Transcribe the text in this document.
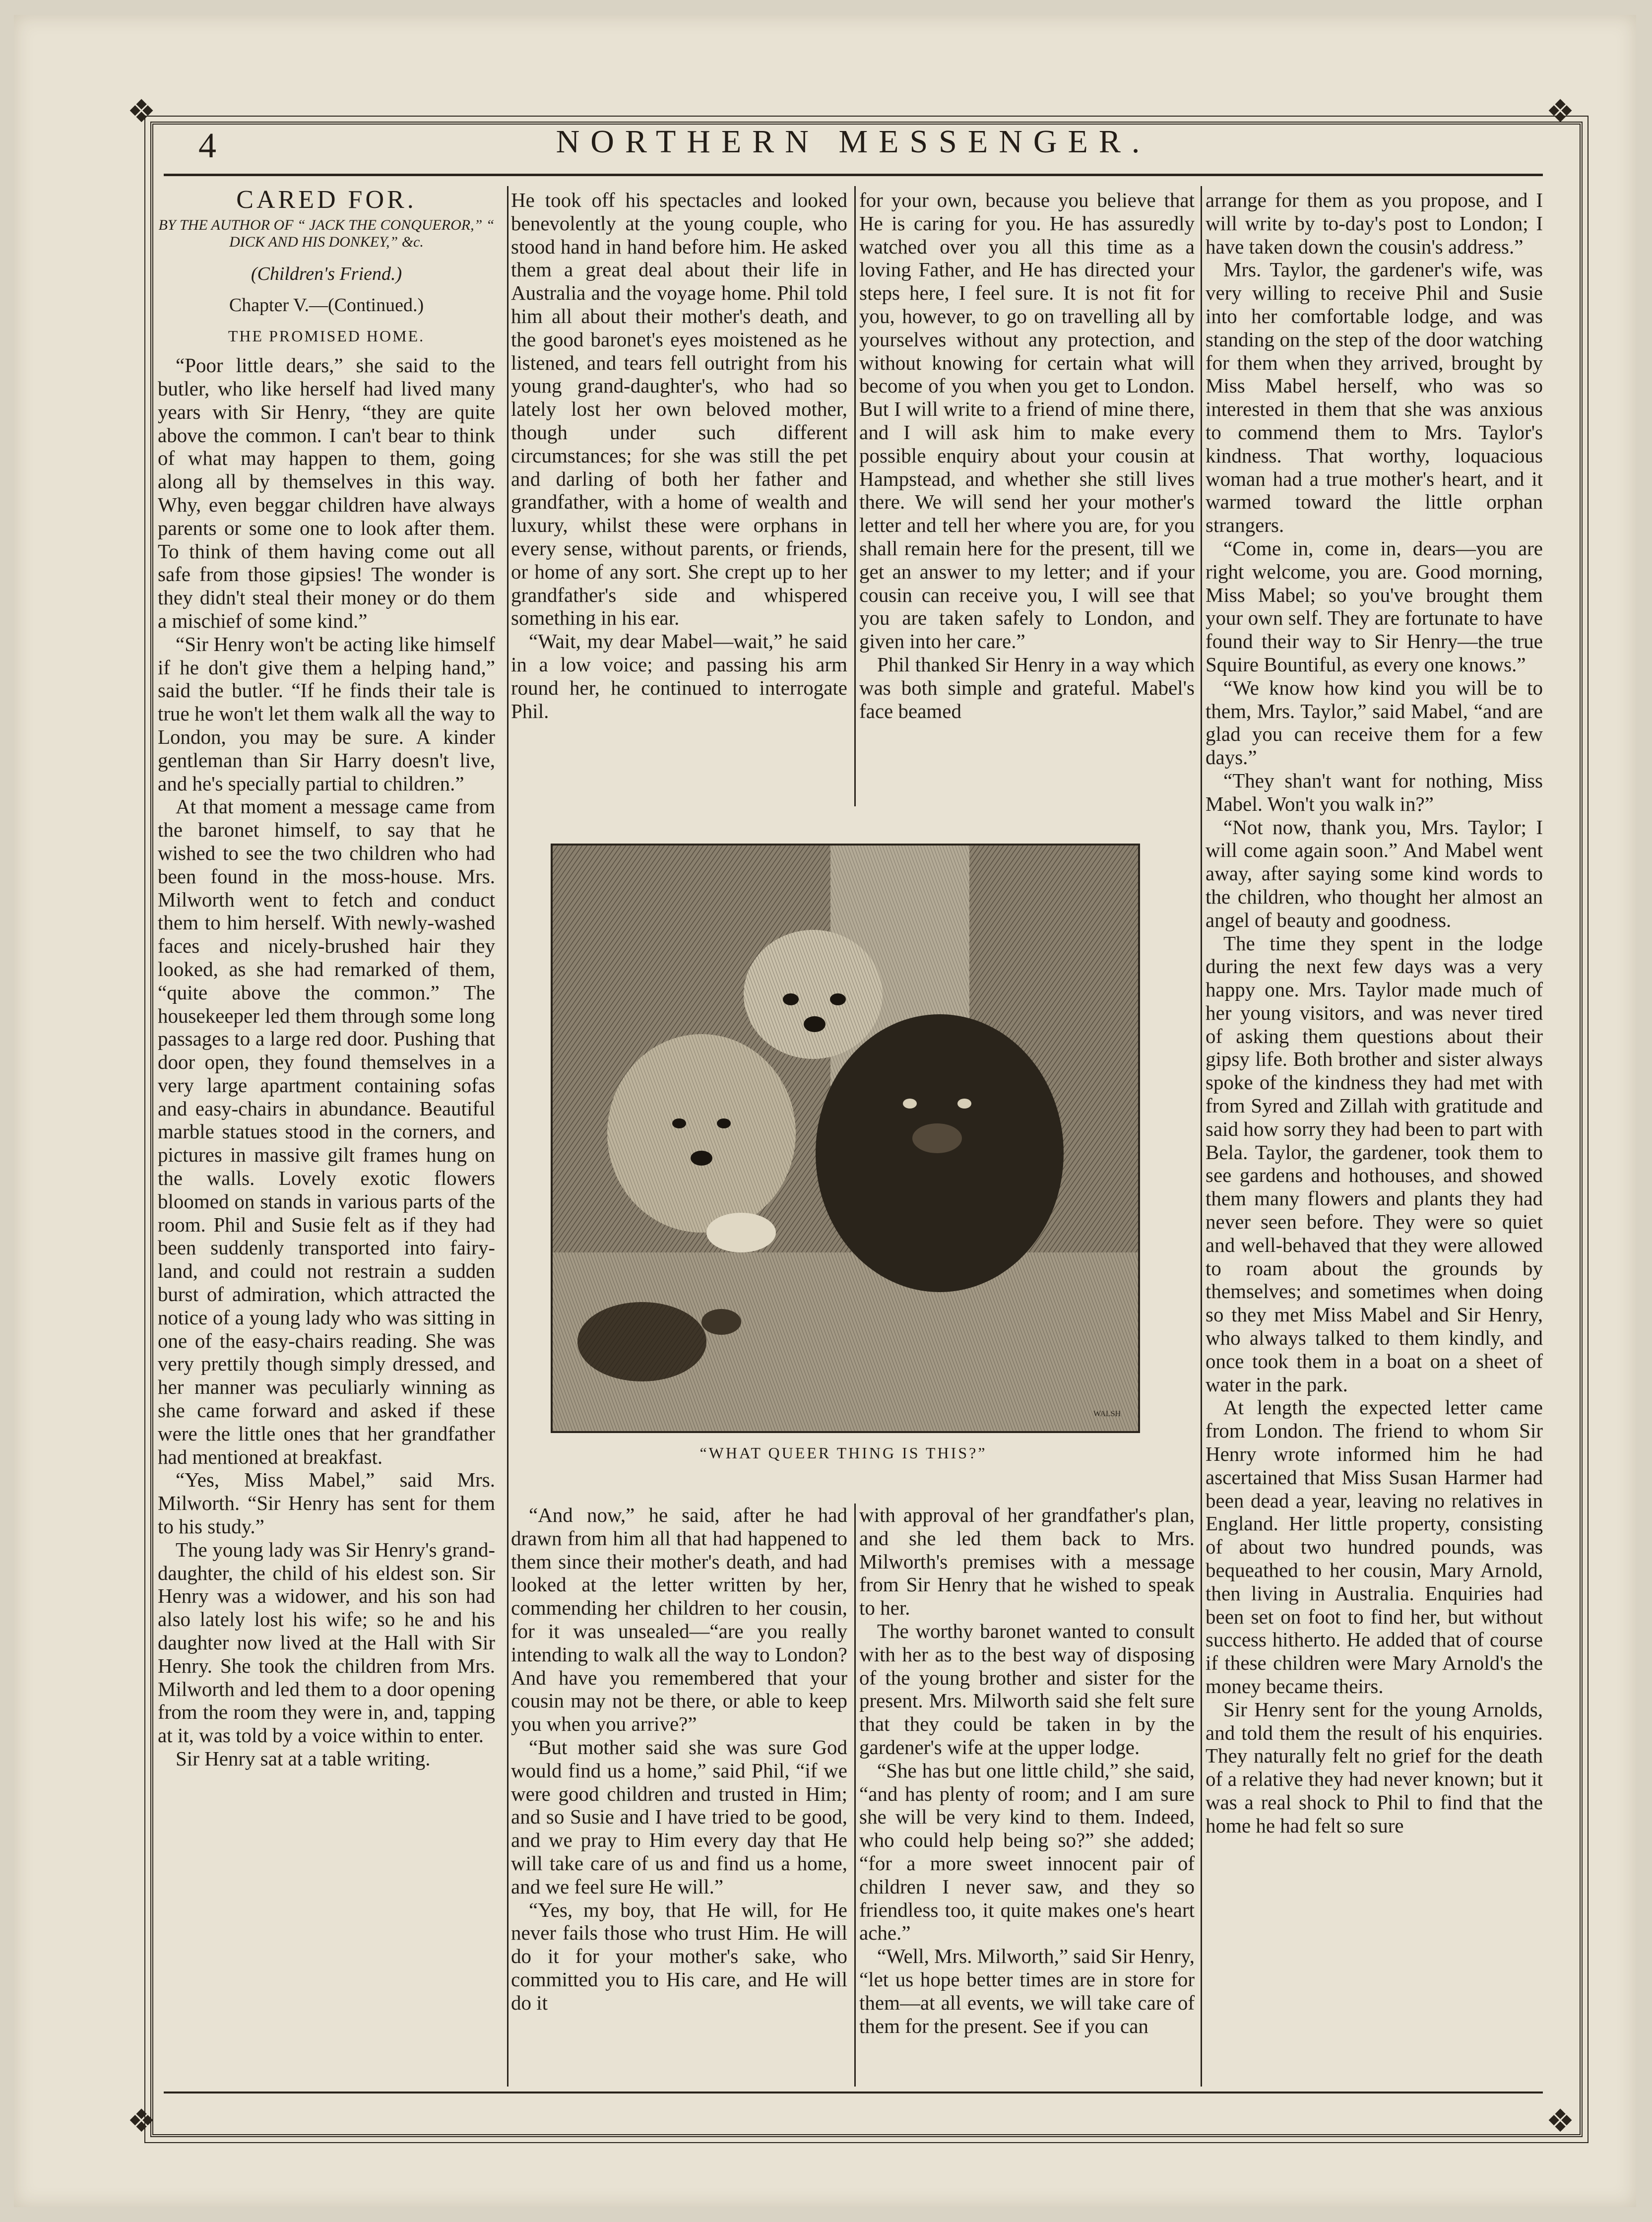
❖	❖
❖	❖
4	NORTHERN MESSENGER.
CARED FOR.
BY THE AUTHOR OF “ JACK THE CONQUEROR,” “ DICK AND HIS DONKEY,” &c.
(Children's Friend.)
Chapter V.—(Continued.)
THE PROMISED HOME.

“Poor little dears,” she said to the butler, who like herself had lived many years with Sir Henry, “they are quite above the common. I can't bear to think of what may happen to them, going along all by themselves in this way. Why, even beggar children have always parents or some one to look after them. To think of them having come out all safe from those gipsies! The wonder is they didn't steal their money or do them a mischief of some kind.”

“Sir Henry won't be acting like himself if he don't give them a helping hand,” said the butler. “If he finds their tale is true he won't let them walk all the way to London, you may be sure. A kinder gentleman than Sir Harry doesn't live, and he's specially partial to children.”

At that moment a message came from the baronet himself, to say that he wished to see the two children who had been found in the moss-house. Mrs. Milworth went to fetch and conduct them to him herself. With newly-washed faces and nicely-brushed hair they looked, as she had remarked of them, “quite above the common.” The housekeeper led them through some long passages to a large red door. Pushing that door open, they found themselves in a very large apartment containing sofas and easy-chairs in abundance. Beautiful marble statues stood in the corners, and pictures in massive gilt frames hung on the walls. Lovely exotic flowers bloomed on stands in various parts of the room. Phil and Susie felt as if they had been suddenly transported into fairy-land, and could not restrain a sudden burst of admiration, which attracted the notice of a young lady who was sitting in one of the easy-chairs reading. She was very prettily though simply dressed, and her manner was peculiarly winning as she came forward and asked if these were the little ones that her grandfather had mentioned at breakfast.

“Yes, Miss Mabel,” said Mrs. Milworth. “Sir Henry has sent for them to his study.”

The young lady was Sir Henry's grand-daughter, the child of his eldest son. Sir Henry was a widower, and his son had also lately lost his wife; so he and his daughter now lived at the Hall with Sir Henry. She took the children from Mrs. Milworth and led them to a door opening from the room they were in, and, tapping at it, was told by a voice within to enter.

Sir Henry sat at a table writing.

He took off his spectacles and looked benevolently at the young couple, who stood hand in hand before him. He asked them a great deal about their life in Australia and the voyage home. Phil told him all about their mother's death, and the good baronet's eyes moistened as he listened, and tears fell outright from his young grand-daughter's, who had so lately lost her own beloved mother, though under such different circumstances; for she was still the pet and darling of both her father and grandfather, with a home of wealth and luxury, whilst these were orphans in every sense, without parents, or friends, or home of any sort. She crept up to her grandfather's side and whispered something in his ear.

“Wait, my dear Mabel—wait,” he said in a low voice; and passing his arm round her, he continued to interrogate Phil.

for your own, because you believe that He is caring for you. He has assuredly watched over you all this time as a loving Father, and He has directed your steps here, I feel sure. It is not fit for you, however, to go on travelling all by yourselves without any protection, and without knowing for certain what will become of you when you get to London. But I will write to a friend of mine there, and I will ask him to make every possible enquiry about your cousin at Hampstead, and whether she still lives there. We will send her your mother's letter and tell her where you are, for you shall remain here for the present, till we get an answer to my letter; and if your cousin can receive you, I will see that you are taken safely to London, and given into her care.”

Phil thanked Sir Henry in a way which was both simple and grateful. Mabel's face beamed

arrange for them as you propose, and I will write by to-day's post to London; I have taken down the cousin's address.”

Mrs. Taylor, the gardener's wife, was very willing to receive Phil and Susie into her comfortable lodge, and was standing on the step of the door watching for them when they arrived, brought by Miss Mabel herself, who was so interested in them that she was anxious to commend them to Mrs. Taylor's kindness. That worthy, loquacious woman had a true mother's heart, and it warmed toward the little orphan strangers.

“Come in, come in, dears—you are right welcome, you are. Good morning, Miss Mabel; so you've brought them your own self. They are fortunate to have found their way to Sir Henry—the true Squire Bountiful, as every one knows.”

“We know how kind you will be to them, Mrs. Taylor,” said Mabel, “and are glad you can receive them for a few days.”

“They shan't want for nothing, Miss Mabel. Won't you walk in?”

“Not now, thank you, Mrs. Taylor; I will come again soon.” And Mabel went away, after saying some kind words to the children, who thought her almost an angel of beauty and goodness.

The time they spent in the lodge during the next few days was a very happy one. Mrs. Taylor made much of her young visitors, and was never tired of asking them questions about their gipsy life. Both brother and sister always spoke of the kindness they had met with from Syred and Zillah with gratitude and said how sorry they had been to part with Bela. Taylor, the gardener, took them to see gardens and hothouses, and showed them many flowers and plants they had never seen before. They were so quiet and well-behaved that they were allowed to roam about the grounds by themselves; and sometimes when doing so they met Miss Mabel and Sir Henry, who always talked to them kindly, and once took them in a boat on a sheet of water in the park.

At length the expected letter came from London. The friend to whom Sir Henry wrote informed him he had ascertained that Miss Susan Harmer had been dead a year, leaving no relatives in England. Her little property, consisting of about two hundred pounds, was bequeathed to her cousin, Mary Arnold, then living in Australia. Enquiries had been set on foot to find her, but without success hitherto. He added that of course if these children were Mary Arnold's the money became theirs.

Sir Henry sent for the young Arnolds, and told them the result of his enquiries. They naturally felt no grief for the death of a relative they had never known; but it was a real shock to Phil to find that the home he had felt so sure

WALSH
“WHAT QUEER THING IS THIS?”

“And now,” he said, after he had drawn from him all that had happened to them since their mother's death, and had looked at the letter written by her, commending her children to her cousin, for it was unsealed—“are you really intending to walk all the way to London? And have you remembered that your cousin may not be there, or able to keep you when you arrive?”

“But mother said she was sure God would find us a home,” said Phil, “if we were good children and trusted in Him; and so Susie and I have tried to be good, and we pray to Him every day that He will take care of us and find us a home, and we feel sure He will.”

“Yes, my boy, that He will, for He never fails those who trust Him. He will do it for your mother's sake, who committed you to His care, and He will do it

with approval of her grandfather's plan, and she led them back to Mrs. Milworth's premises with a message from Sir Henry that he wished to speak to her.

The worthy baronet wanted to consult with her as to the best way of disposing of the young brother and sister for the present. Mrs. Milworth said she felt sure that they could be taken in by the gardener's wife at the upper lodge.

“She has but one little child,” she said, “and has plenty of room; and I am sure she will be very kind to them. Indeed, who could help being so?” she added; “for a more sweet innocent pair of children I never saw, and they so friendless too, it quite makes one's heart ache.”

“Well, Mrs. Milworth,” said Sir Henry, “let us hope better times are in store for them—at all events, we will take care of them for the present. See if you can
